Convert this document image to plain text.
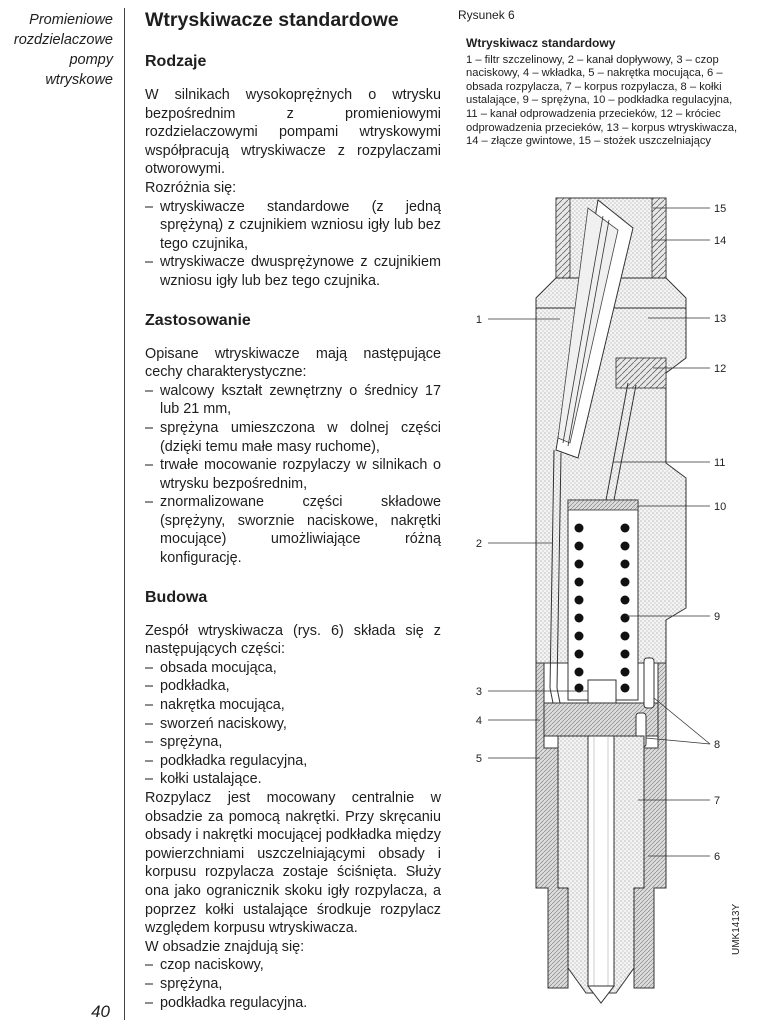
Promieniowe
rozdzielaczowe
pompy
wtryskowe
40
Wtryskiwacze standardowe
Rodzaje

W silnikach wysokoprężnych o wtrysku bezpośrednim z promieniowymi rozdzielaczowymi pompami wtryskowymi współpracują wtryskiwacze z rozpylaczami otworowymi.

Rozróżnia się:

– wtryskiwacze standardowe (z jedną sprężyną) z czujnikiem wzniosu igły lub bez tego czujnika,
– wtryskiwacze dwusprężynowe z czujnikiem wzniosu igły lub bez tego czujnika.
Zastosowanie

Opisane wtryskiwacze mają następujące cechy charakterystyczne:

– walcowy kształt zewnętrzny o średnicy 17 lub 21 mm,
– sprężyna umieszczona w dolnej części (dzięki temu małe masy ruchome),
– trwałe mocowanie rozpylaczy w silnikach o wtrysku bezpośrednim,
– znormalizowane części składowe (sprężyny, sworznie naciskowe, nakrętki mocujące) umożliwiające różną konfigurację.
Budowa

Zespół wtryskiwacza (rys. 6) składa się z następujących części:

– obsada mocująca,
– podkładka,
– nakrętka mocująca,
– sworzeń naciskowy,
– sprężyna,
– podkładka regulacyjna,
– kołki ustalające.

Rozpylacz jest mocowany centralnie w obsadzie za pomocą nakrętki. Przy skręcaniu obsady i nakrętki mocującej podkładka między powierzchniami uszczelniającymi obsady i korpusu rozpylacza zostaje ściśnięta. Służy ona jako ogranicznik skoku igły rozpylacza, a poprzez kołki ustalające środkuje rozpylacz względem korpusu wtryskiwacza.

W obsadzie znajdują się:

– czop naciskowy,
– sprężyna,
– podkładka regulacyjna.
Rysunek 6
Wtryskiwacz standardowy
1 – filtr szczelinowy, 2 – kanał dopływowy, 3 – czop naciskowy, 4 – wkładka, 5 – nakrętka mocująca, 6 – obsada rozpylacza, 7 – korpus rozpylacza, 8 – kołki ustalające, 9 – sprężyna, 10 – podkładka regulacyjna, 11 – kanał odprowadzenia przecieków, 12 – króciec odprowadzenia przecieków, 13 – korpus wtryskiwacza, 14 – złącze gwintowe, 15 – stożek uszczelniający
1
2
3
4
5
6
7
8
9
10
11
12
13
14
15
UMK1413Y
